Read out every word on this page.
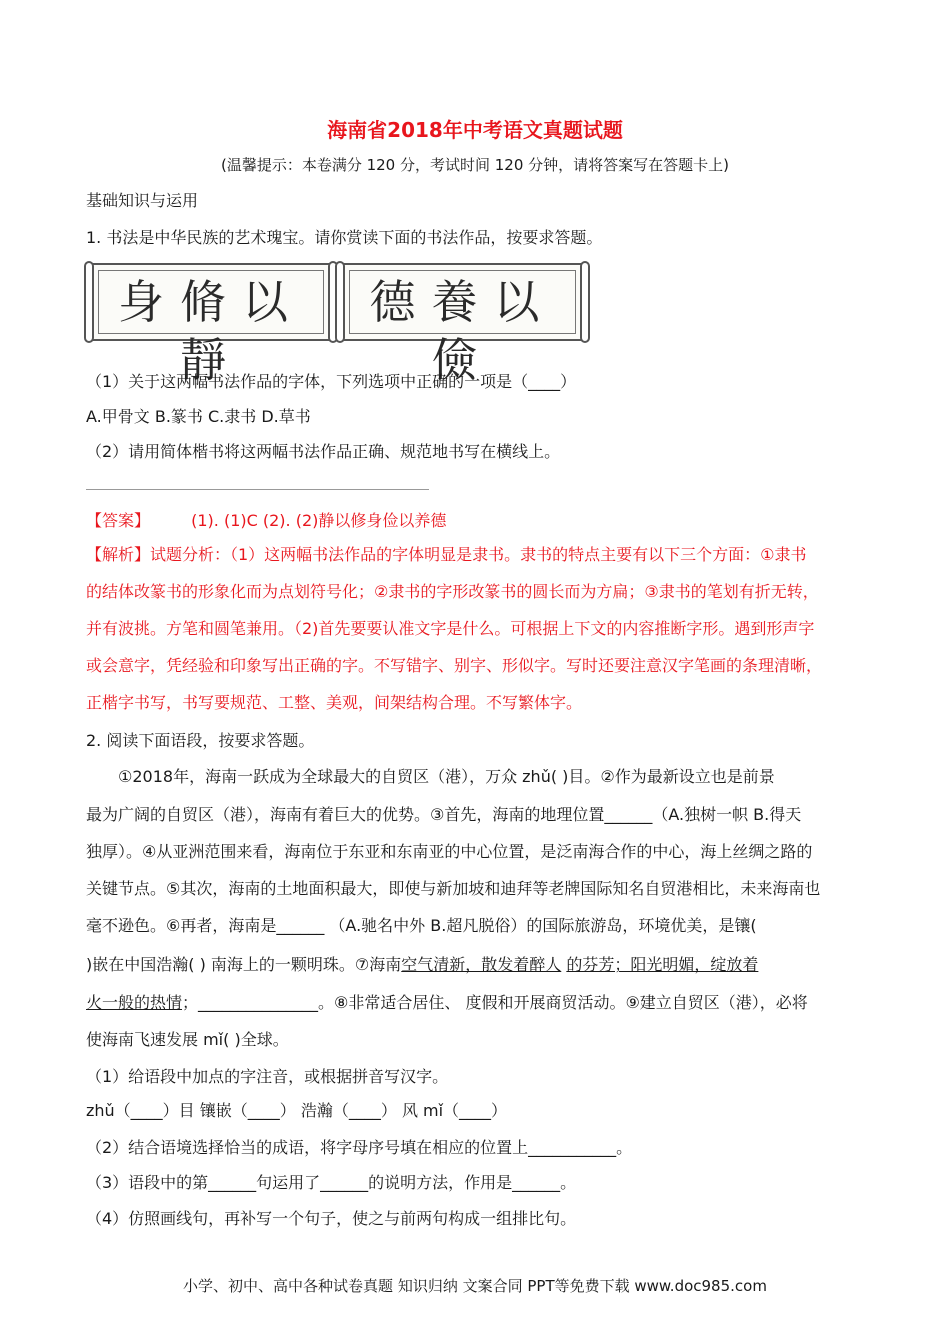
海南省2018年中考语文真题试题
(温馨提示：本卷满分 120 分，考试时间 120 分钟，请将答案写在答题卡上)
基础知识与运用
1. 书法是中华民族的艺术瑰宝。请你赏读下面的书法作品，按要求答题。
身脩以靜
德養以儉
（1）关于这两幅书法作品的字体，下列选项中正确的一项是（____）
A.甲骨文 B.篆书 C.隶书 D.草书
（2）请用简体楷书将这两幅书法作品正确、规范地书写在横线上。
【答案】	(1). (1)C (2). (2)静以修身俭以养德
【解析】试题分析：（1）这两幅书法作品的字体明显是隶书。隶书的特点主要有以下三个方面：①隶书
的结体改篆书的形象化而为点划符号化；②隶书的字形改篆书的圆长而为方扁；③隶书的笔划有折无转，
并有波挑。方笔和圆笔兼用。（2)首先要要认准文字是什么。可根据上下文的内容推断字形。遇到形声字
或会意字，凭经验和印象写出正确的字。不写错字、别字、形似字。写时还要注意汉字笔画的条理清晰，
正楷字书写，书写要规范、工整、美观，间架结构合理。不写繁体字。
2. 阅读下面语段，按要求答题。
①2018年，海南一跃成为全球最大的自贸区（港），万众 zhǔ( )目。②作为最新设立也是前景
最为广阔的自贸区（港），海南有着巨大的优势。③首先，海南的地理位置______（A.独树一帜 B.得天
独厚）。④从亚洲范围来看，海南位于东亚和东南亚的中心位置，是泛南海合作的中心，海上丝绸之路的
关键节点。⑤其次，海南的土地面积最大，即使与新加坡和迪拜等老牌国际知名自贸港相比，未来海南也
毫不逊色。⑥再者，海南是______ （A.驰名中外 B.超凡脱俗）的国际旅游岛，环境优美，是镶(
)嵌在中国浩瀚( ) 南海上的一颗明珠。⑦海南空气清新，散发着醉人 的芬芳；阳光明媚，绽放着
火一般的热情；_______________。⑧非常适合居住、 度假和开展商贸活动。⑨建立自贸区（港），必将
使海南飞速发展 mǐ( )全球。
（1）给语段中加点的字注音，或根据拼音写汉字。
zhǔ（____）目 镶嵌（____） 浩瀚（____） 风 mǐ（____）
（2）结合语境选择恰当的成语，将字母序号填在相应的位置上___________。
（3）语段中的第______句运用了______的说明方法，作用是______。
（4）仿照画线句，再补写一个句子，使之与前两句构成一组排比句。
小学、初中、高中各种试卷真题 知识归纳 文案合同 PPT等免费下载 www.doc985.com
